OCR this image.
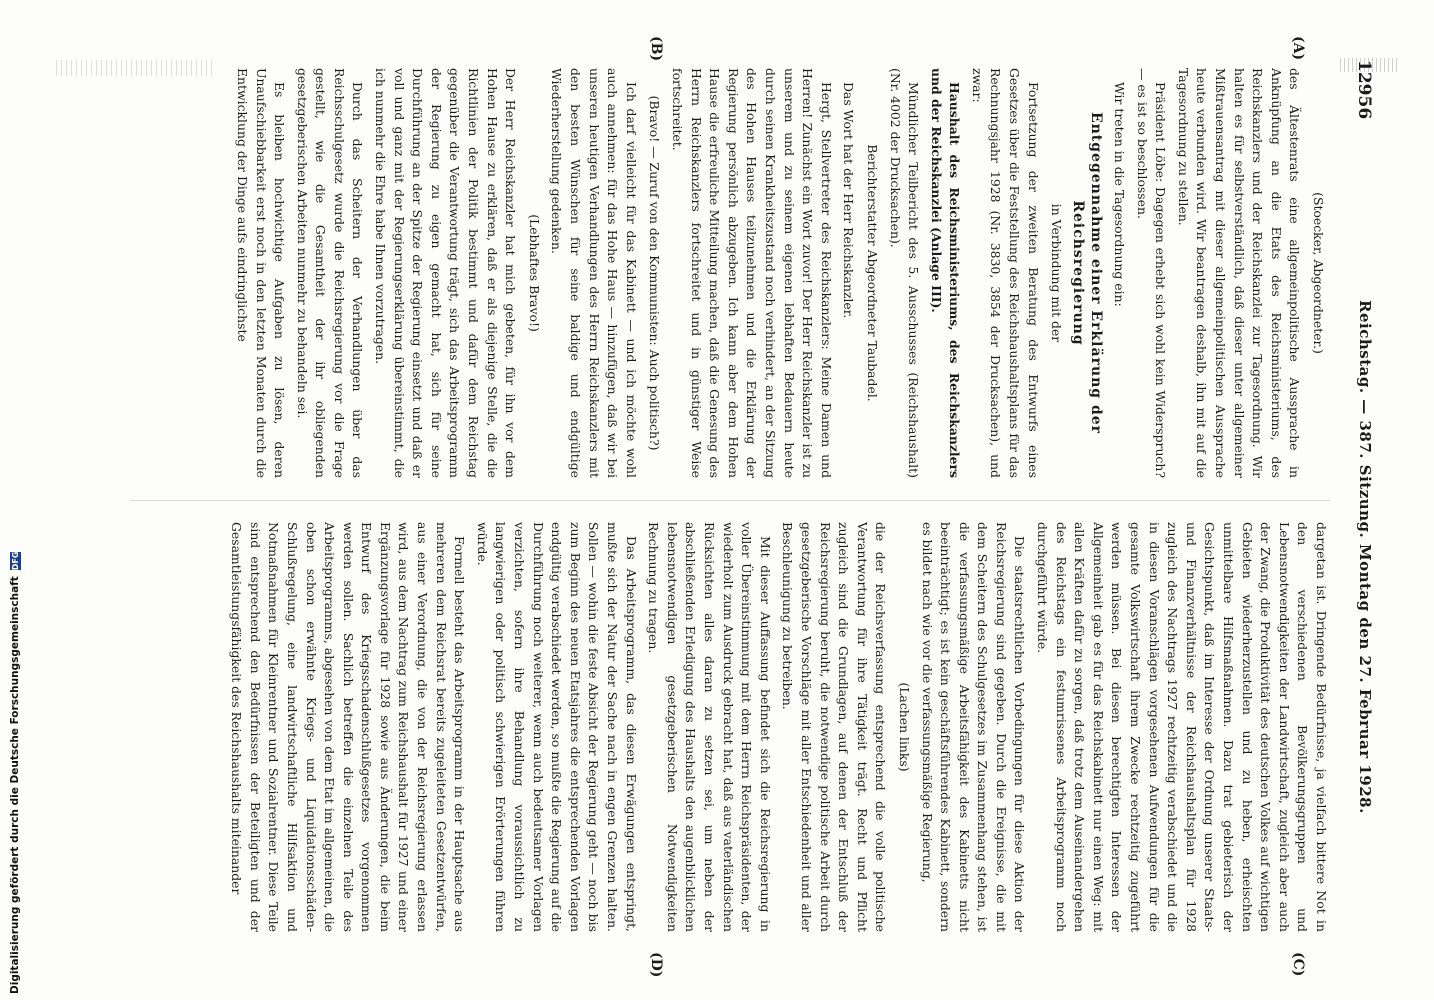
12956
Reichstag. — 387. Sitzung. Montag den 27. Februar 1928.
(A)
(B)
(C)
(D)

(Stoecker, Abgeordneter.)

des Ältestenrats eine allgemeinpolitische Aussprache in Anknüpfung an die Etats des Reichsministeriums, des Reichskanzlers und der Reichskanzlei zur Tagesordnung. Wir halten es für selbstverständlich, daß dieser unter allgemeiner Mißtrauensantrag mit dieser allgemeinpolitischen Aussprache heute verbunden wird. Wir beantragen deshalb, ihn mit auf die Tagesordnung zu stellen.

Präsident Löbe: Dagegen erhebt sich wohl kein Widerspruch? — es ist so beschlossen.

Wir treten in die Tagesordnung ein:

Entgegennahme einer Erklärung der Reichsregierung

in Verbindung mit der

Fortsetzung der zweiten Beratung des Entwurfs eines Gesetzes über die Feststellung des Reichshaushaltsplans für das Rechnungsjahr 1928 (Nr. 3830, 3854 der Drucksachen), und zwar:

Haushalt des Reichsministeriums, des Reichskanzlers und der Reichskanzlei (Anlage III).

Mündlicher Teilbericht des 5. Ausschusses (Reichshaushalt) (Nr. 4002 der Drucksachen).

Berichterstatter Abgeordneter Taubadel.

Das Wort hat der Herr Reichskanzler.

Hergt, Stellvertreter des Reichskanzlers: Meine Damen und Herren! Zunächst ein Wort zuvor! Der Herr Reichskanzler ist zu unserem und zu seinem eigenen lebhaften Bedauern heute durch seinen Krankheitszustand noch verhindert, an der Sitzung des Hohen Hauses teilzunehmen und die Erklärung der Regierung persönlich abzugeben. Ich kann aber dem Hohen Hause die erfreuliche Mitteilung machen, daß die Genesung des Herrn Reichskanzlers fortschreitet und in günstiger Weise fortschreitet.

(Bravo! — Zuruf von den Kommunisten: Auch politisch?)

Ich darf vielleicht für das Kabinett — und ich möchte wohl auch annehmen: für das Hohe Haus — hinzufügen, daß wir bei unseren heutigen Verhandlungen des Herrn Reichskanzlers mit den besten Wünschen für seine baldige und endgültige Wiederherstellung gedenken.

(Lebhaftes Bravo!)

Der Herr Reichskanzler hat mich gebeten, für ihn vor dem Hohen Hause zu erklären, daß er als diejenige Stelle, die die Richtlinien der Politik bestimmt und dafür dem Reichstag gegenüber die Verantwortung trägt, sich das Arbeitsprogramm der Regierung zu eigen gemacht hat, sich für seine Durchführung an der Spitze der Regierung einsetzt und daß er voll und ganz mit der Regierungserklärung übereinstimmt, die ich nunmehr die Ehre habe Ihnen vorzutragen.

Durch das Scheitern der Verhandlungen über das Reichsschulgesetz wurde die Reichsregierung vor die Frage gestellt, wie die Gesamtheit der ihr obliegenden gesetzgeberischen Arbeiten nunmehr zu behandeln sei.

Es bleiben hochwichtige Aufgaben zu lösen, deren Unaufschiebbarkeit erst noch in den letzten Monaten durch die Entwicklung der Dinge aufs eindringlichste

dargetan ist. Dringende Bedürfnisse, ja vielfach bittere Not in den verschiedenen Bevölkerungsgruppen und Lebensnotwendigkeiten der Landwirtschaft, zugleich aber auch der Zwang, die Produktivität des deutschen Volkes auf wichtigen Gebieten wiederherzustellen und zu heben, erheischten unmittelbare Hilfsmaßnahmen. Dazu trat gebieterisch der Gesichtspunkt, daß im Interesse der Ordnung unserer Staats- und Finanzverhältnisse der Reichshaushaltsplan für 1928 zugleich des Nachtrags 1927 rechtzeitig verabschiedet und die in diesen Voranschlägen vorgesehenen Aufwendungen für die gesamte Volkswirtschaft ihrem Zwecke rechtzeitig zugeführt werden müssen. Bei diesen berechtigten Interessen der Allgemeinheit gab es für das Reichskabinett nur einen Weg: mit allen Kräften dafür zu sorgen, daß trotz dem Auseinandergehen des Reichstags ein festumrissenes Arbeitsprogramm noch durchgeführt würde.

Die staatsrechtlichen Vorbedingungen für diese Aktion der Reichsregierung sind gegeben. Durch die Ereignisse, die mit dem Scheitern des Schulgesetzes im Zusammenhang stehen, ist die verfassungsmäßige Arbeitsfähigkeit des Kabinetts nicht beeinträchtigt; es ist kein geschäftsführendes Kabinett, sondern es bildet nach wie vor die verfassungsmäßige Regierung,

(Lachen links)

die der Reichsverfassung entsprechend die volle politische Verantwortung für ihre Tätigkeit trägt. Recht und Pflicht zugleich sind die Grundlagen, auf denen der Entschluß der Reichsregierung beruht, die notwendige politische Arbeit durch gesetzgeberische Vorschläge mit aller Entschiedenheit und aller Beschleunigung zu betreiben.

Mit dieser Auffassung befindet sich die Reichsregierung in voller Übereinstimmung mit dem Herrn Reichspräsidenten, der wiederholt zum Ausdruck gebracht hat, daß aus vaterländischen Rücksichten alles daran zu setzen sei, um neben der abschließenden Erledigung des Haushalts den augenblicklichen lebensnotwendigen gesetzgeberischen Notwendigkeiten Rechnung zu tragen.

Das Arbeitsprogramm, das diesen Erwägungen entspringt, mußte sich der Natur der Sache nach in engen Grenzen halten. Sollen — wohin die feste Absicht der Regierung geht — noch bis zum Beginn des neuen Etatsjahres die entsprechenden Vorlagen endgültig verabschiedet werden, so mußte die Regierung auf die Durchführung noch weiterer, wenn auch bedeutsamer Vorlagen verzichten, sofern ihre Behandlung voraussichtlich zu langwierigen oder politisch schwierigen Erörterungen führen würde.

Formell besteht das Arbeitsprogramm in der Hauptsache aus mehreren dem Reichsrat bereits zugeleiteten Gesetzentwürfen, aus einer Verordnung, die von der Reichsregierung erlassen wird, aus dem Nachtrag zum Reichshaushalt für 1927 und einer Ergänzungsvorlage für 1928 sowie aus Änderungen, die beim Entwurf des Kriegsschadenschlußgesetzes vorgenommen werden sollen. Sachlich betreffen die einzelnen Teile des Arbeitsprogramms, abgesehen von dem Etat im allgemeinen, die oben schon erwähnte Kriegs- und Liquidationsschäden-Schlußregelung, eine landwirtschaftliche Hilfsaktion und Notmaßnahmen für Kleinrentner und Sozialrentner. Diese Teile sind entsprechend den Bedürfnissen der Beteiligten und der Gesamtleistungsfähigkeit des Reichshaushalts miteinander

Digitalisierung gefördert durch die Deutsche Forschungsgemeinschaft
DFG
